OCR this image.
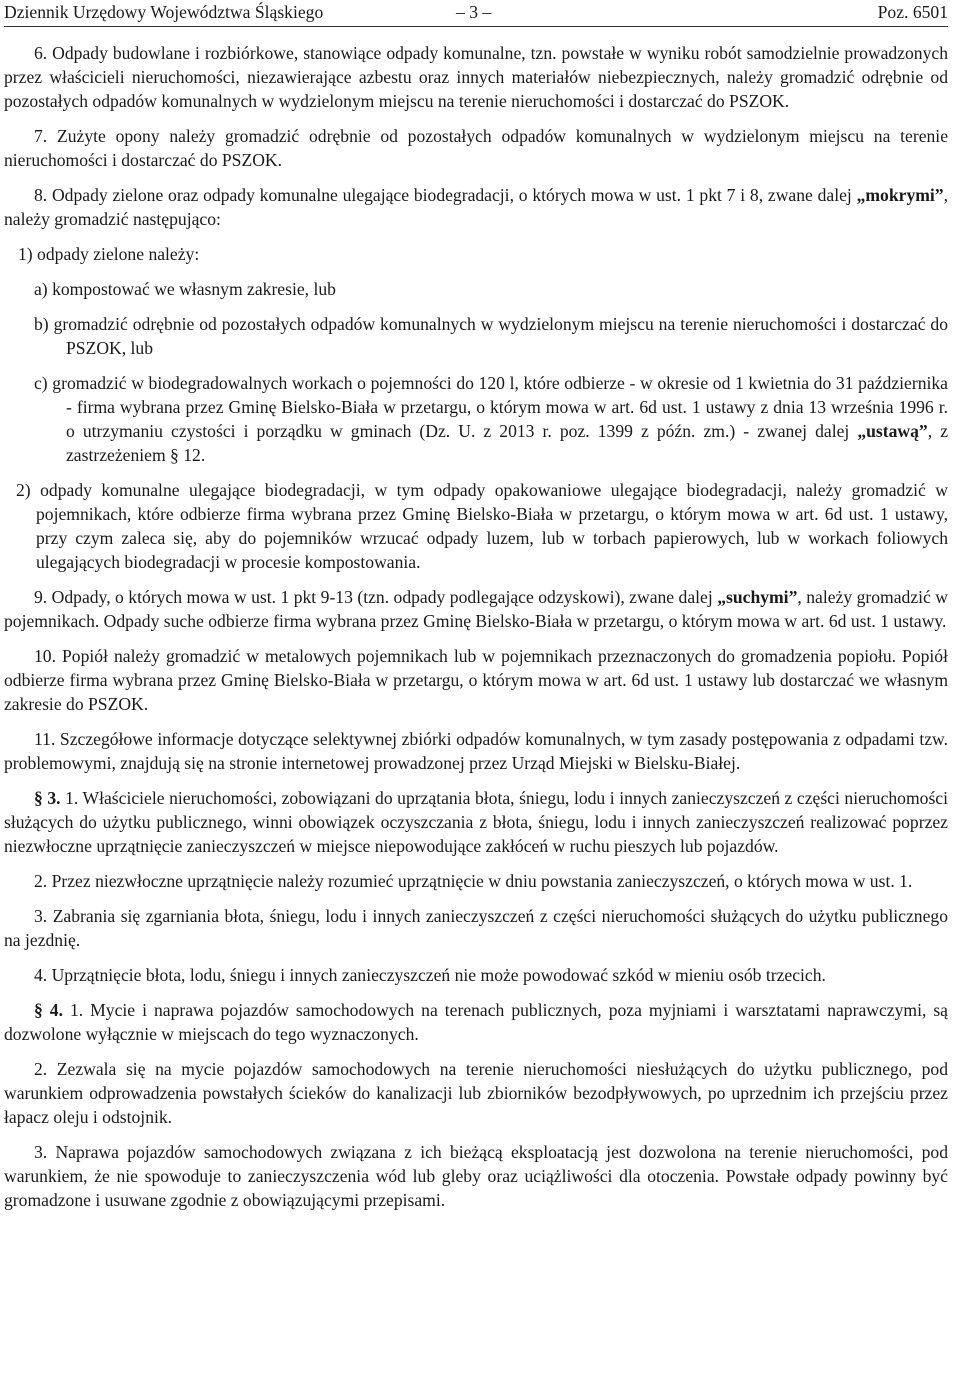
Dziennik Urzędowy Województwa Śląskiego	– 3 –	Poz. 6501

6. Odpady budowlane i rozbiórkowe, stanowiące odpady komunalne, tzn. powstałe w wyniku robót samodzielnie prowadzonych przez właścicieli nieruchomości, niezawierające azbestu oraz innych materiałów niebezpiecznych, należy gromadzić odrębnie od pozostałych odpadów komunalnych w wydzielonym miejscu na terenie nieruchomości i dostarczać do PSZOK.

7. Zużyte opony należy gromadzić odrębnie od pozostałych odpadów komunalnych w wydzielonym miejscu na terenie nieruchomości i dostarczać do PSZOK.

8. Odpady zielone oraz odpady komunalne ulegające biodegradacji, o których mowa w ust. 1 pkt 7 i 8, zwane dalej „mokrymi”, należy gromadzić następująco:

1) odpady zielone należy:

a) kompostować we własnym zakresie, lub

b) gromadzić odrębnie od pozostałych odpadów komunalnych w wydzielonym miejscu na terenie nieruchomości i dostarczać do PSZOK, lub

c) gromadzić w biodegradowalnych workach o pojemności do 120 l, które odbierze - w okresie od 1 kwietnia do 31 października - firma wybrana przez Gminę Bielsko-Biała w przetargu, o którym mowa w art. 6d ust. 1 ustawy z dnia 13 września 1996 r. o utrzymaniu czystości i porządku w gminach (Dz. U. z 2013 r. poz. 1399 z późn. zm.) - zwanej dalej „ustawą”, z zastrzeżeniem § 12.

2) odpady komunalne ulegające biodegradacji, w tym odpady opakowaniowe ulegające biodegradacji, należy gromadzić w pojemnikach, które odbierze firma wybrana przez Gminę Bielsko-Biała w przetargu, o którym mowa w art. 6d ust. 1 ustawy, przy czym zaleca się, aby do pojemników wrzucać odpady luzem, lub w torbach papierowych, lub w workach foliowych ulegających biodegradacji w procesie kompostowania.

9. Odpady, o których mowa w ust. 1 pkt 9-13 (tzn. odpady podlegające odzyskowi), zwane dalej „suchymi”, należy gromadzić w pojemnikach. Odpady suche odbierze firma wybrana przez Gminę Bielsko-Biała w przetargu, o którym mowa w art. 6d ust. 1 ustawy.

10. Popiół należy gromadzić w metalowych pojemnikach lub w pojemnikach przeznaczonych do gromadzenia popiołu. Popiół odbierze firma wybrana przez Gminę Bielsko-Biała w przetargu, o którym mowa w art. 6d ust. 1 ustawy lub dostarczać we własnym zakresie do PSZOK.

11. Szczegółowe informacje dotyczące selektywnej zbiórki odpadów komunalnych, w tym zasady postępowania z odpadami tzw. problemowymi, znajdują się na stronie internetowej prowadzonej przez Urząd Miejski w Bielsku-Białej.

§ 3. 1. Właściciele nieruchomości, zobowiązani do uprzątania błota, śniegu, lodu i innych zanieczyszczeń z części nieruchomości służących do użytku publicznego, winni obowiązek oczyszczania z błota, śniegu, lodu i innych zanieczyszczeń realizować poprzez niezwłoczne uprzątnięcie zanieczyszczeń w miejsce niepowodujące zakłóceń w ruchu pieszych lub pojazdów.

2. Przez niezwłoczne uprzątnięcie należy rozumieć uprzątnięcie w dniu powstania zanieczyszczeń, o których mowa w ust. 1.

3. Zabrania się zgarniania błota, śniegu, lodu i innych zanieczyszczeń z części nieruchomości służących do użytku publicznego na jezdnię.

4. Uprzątnięcie błota, lodu, śniegu i innych zanieczyszczeń nie może powodować szkód w mieniu osób trzecich.

§ 4. 1. Mycie i naprawa pojazdów samochodowych na terenach publicznych, poza myjniami i warsztatami naprawczymi, są dozwolone wyłącznie w miejscach do tego wyznaczonych.

2. Zezwala się na mycie pojazdów samochodowych na terenie nieruchomości niesłużących do użytku publicznego, pod warunkiem odprowadzenia powstałych ścieków do kanalizacji lub zbiorników bezodpływowych, po uprzednim ich przejściu przez łapacz oleju i odstojnik.

3. Naprawa pojazdów samochodowych związana z ich bieżącą eksploatacją jest dozwolona na terenie nieruchomości, pod warunkiem, że nie spowoduje to zanieczyszczenia wód lub gleby oraz uciążliwości dla otoczenia. Powstałe odpady powinny być gromadzone i usuwane zgodnie z obowiązującymi przepisami.
